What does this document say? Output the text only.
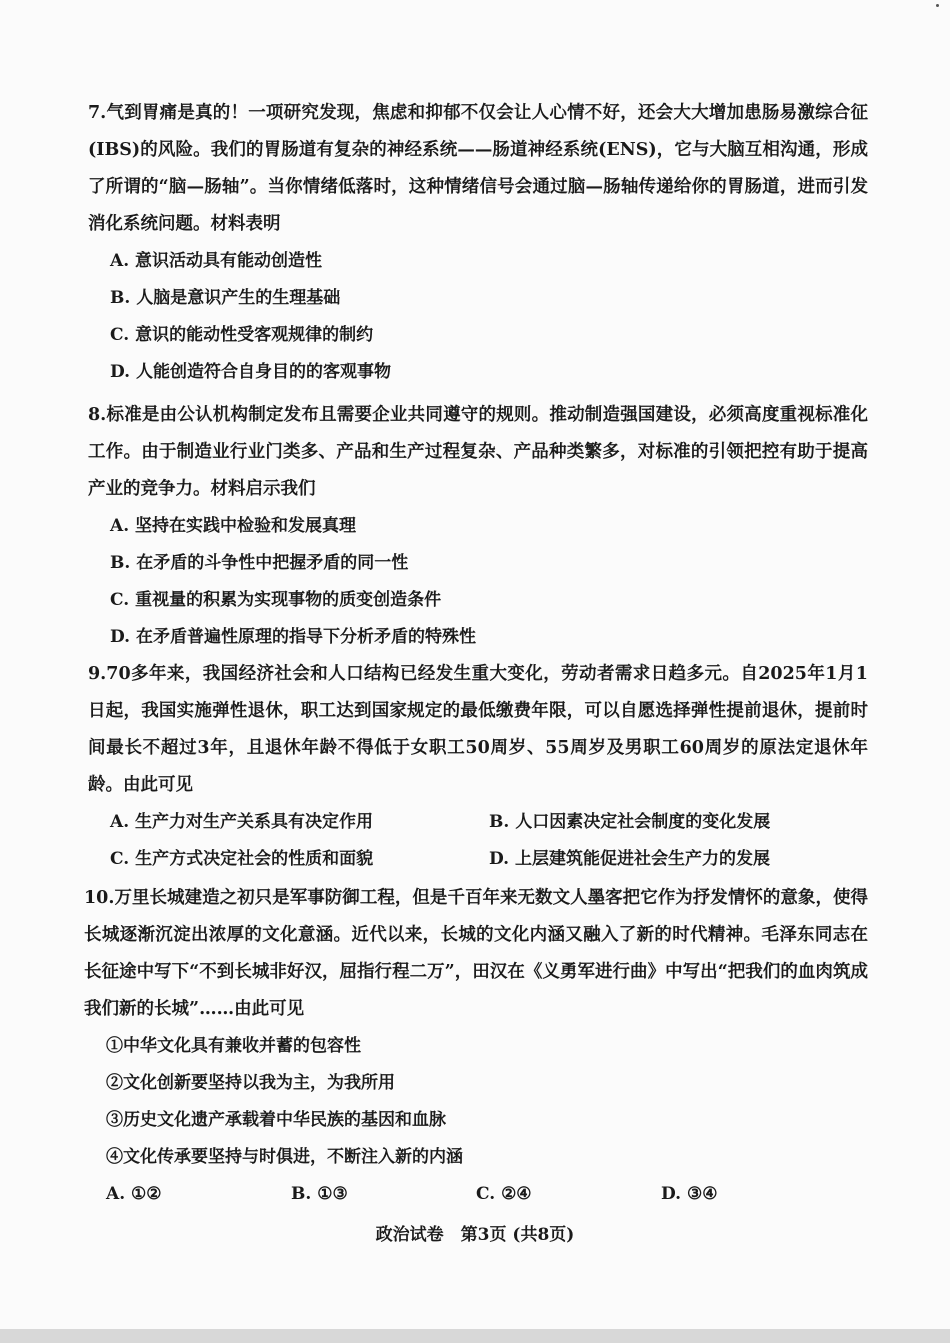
7.气到胃痛是真的！一项研究发现，焦虑和抑郁不仅会让人心情不好，还会大大增加患肠易激综合征(IBS)的风险。我们的胃肠道有复杂的神经系统——肠道神经系统(ENS)，它与大脑互相沟通，形成了所谓的“脑—肠轴”。当你情绪低落时，这种情绪信号会通过脑—肠轴传递给你的胃肠道，进而引发消化系统问题。材料表明

A. 意识活动具有能动创造性

B. 人脑是意识产生的生理基础

C. 意识的能动性受客观规律的制约

D. 人能创造符合自身目的的客观事物

8.标准是由公认机构制定发布且需要企业共同遵守的规则。推动制造强国建设，必须高度重视标准化工作。由于制造业行业门类多、产品和生产过程复杂、产品种类繁多，对标准的引领把控有助于提高产业的竞争力。材料启示我们

A. 坚持在实践中检验和发展真理

B. 在矛盾的斗争性中把握矛盾的同一性

C. 重视量的积累为实现事物的质变创造条件

D. 在矛盾普遍性原理的指导下分析矛盾的特殊性

9.70多年来，我国经济社会和人口结构已经发生重大变化，劳动者需求日趋多元。自2025年1月1日起，我国实施弹性退休，职工达到国家规定的最低缴费年限，可以自愿选择弹性提前退休，提前时间最长不超过3年，且退休年龄不得低于女职工50周岁、55周岁及男职工60周岁的原法定退休年龄。由此可见

A. 生产力对生产关系具有决定作用	B. 人口因素决定社会制度的变化发展
C. 生产方式决定社会的性质和面貌	D. 上层建筑能促进社会生产力的发展

10.万里长城建造之初只是军事防御工程，但是千百年来无数文人墨客把它作为抒发情怀的意象，使得长城逐渐沉淀出浓厚的文化意涵。近代以来，长城的文化内涵又融入了新的时代精神。毛泽东同志在长征途中写下“不到长城非好汉，屈指行程二万”，田汉在《义勇军进行曲》中写出“把我们的血肉筑成我们新的长城”……由此可见

①中华文化具有兼收并蓄的包容性

②文化创新要坚持以我为主，为我所用

③历史文化遗产承载着中华民族的基因和血脉

④文化传承要坚持与时俱进，不断注入新的内涵

A. ①②	B. ①③	C. ②④	D. ③④
政治试卷　第3页 (共8页)
